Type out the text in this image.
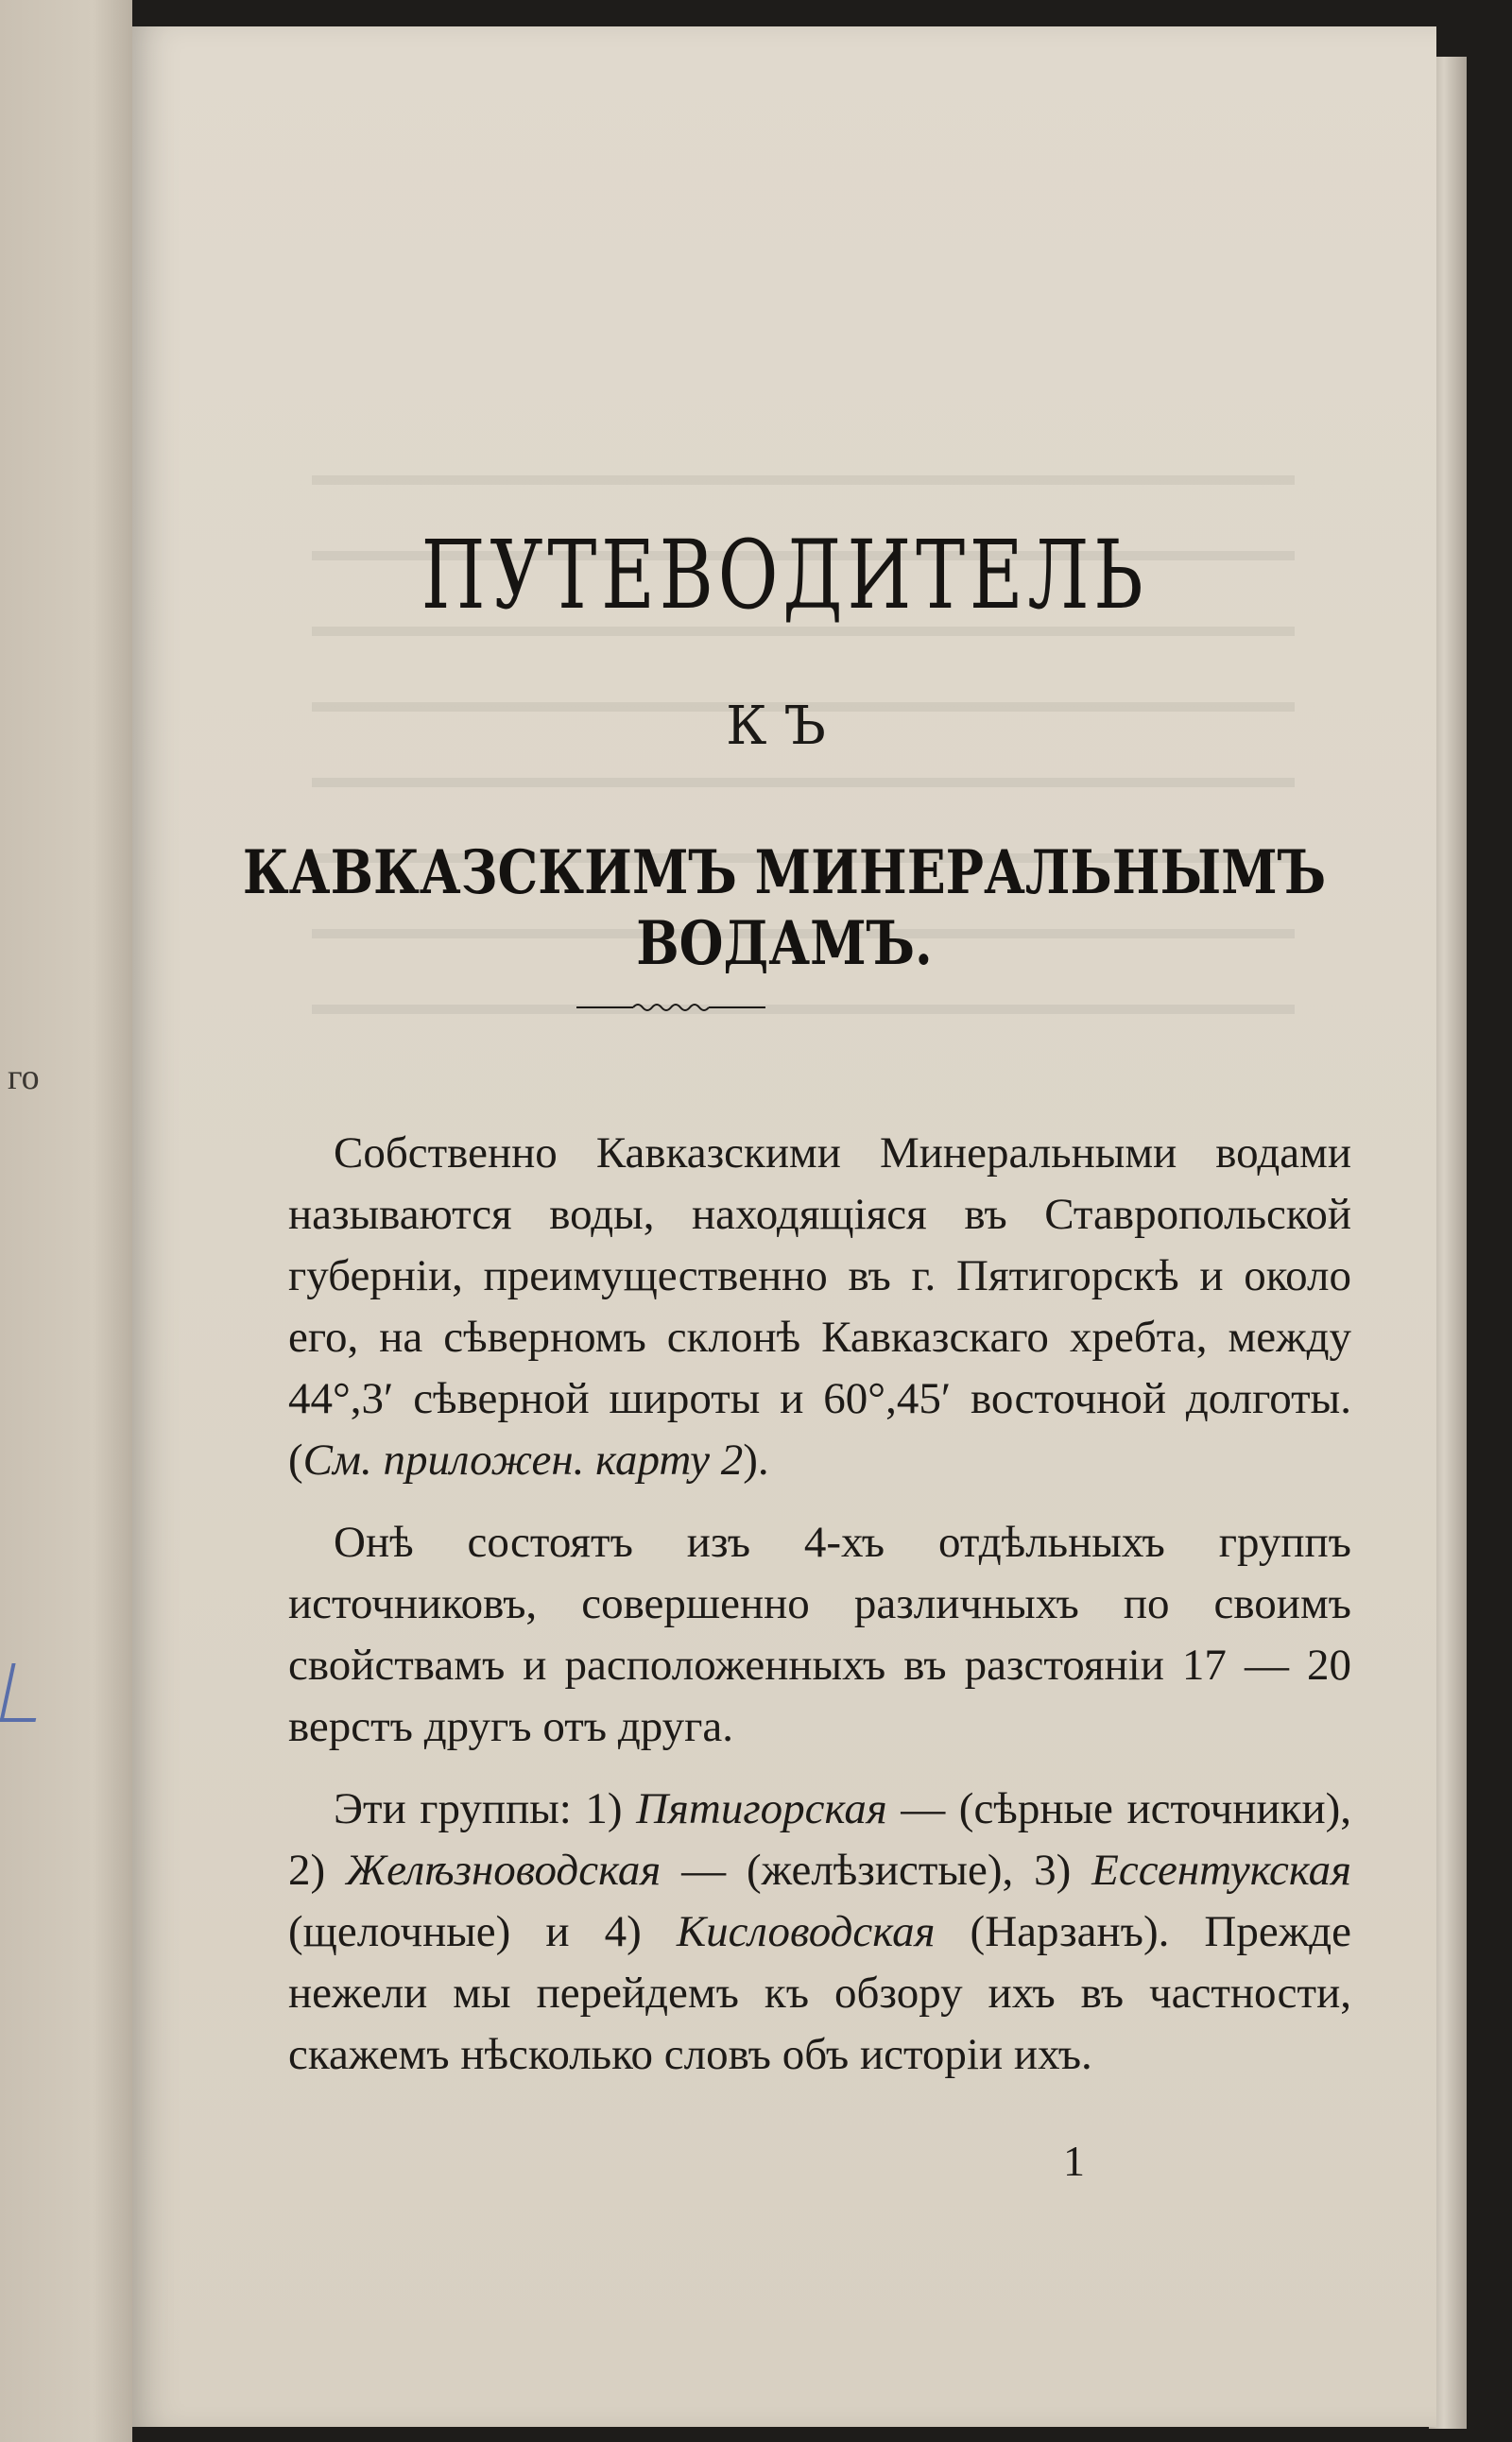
го
ПУТЕВОДИТЕЛЬ
КЪ
КАВКАЗСКИМЪ МИНЕРАЛЬНЫМЪ ВОДАМЪ.

Собственно Кавказскими Минеральными водами называются воды, находящіяся въ Ставропольской губерніи, преимущественно въ г. Пятигорскѣ и около его, на сѣверномъ склонѣ Кавказскаго хребта, между 44°,3′ сѣверной широты и 60°,45′ восточной долготы. (См. приложен. карту 2).

Онѣ состоятъ изъ 4-хъ отдѣльныхъ группъ источниковъ, совершенно различныхъ по своимъ свойствамъ и расположенныхъ въ разстояніи 17 — 20 верстъ другъ отъ друга.

Эти группы: 1) Пятигорская — (сѣрные источники), 2) Желѣзноводская — (желѣзистые), 3) Ессентукская (щелочные) и 4) Кисловодская (Нарзанъ). Прежде нежели мы перейдемъ къ обзору ихъ въ частности, скажемъ нѣсколько словъ объ исторіи ихъ.

1
